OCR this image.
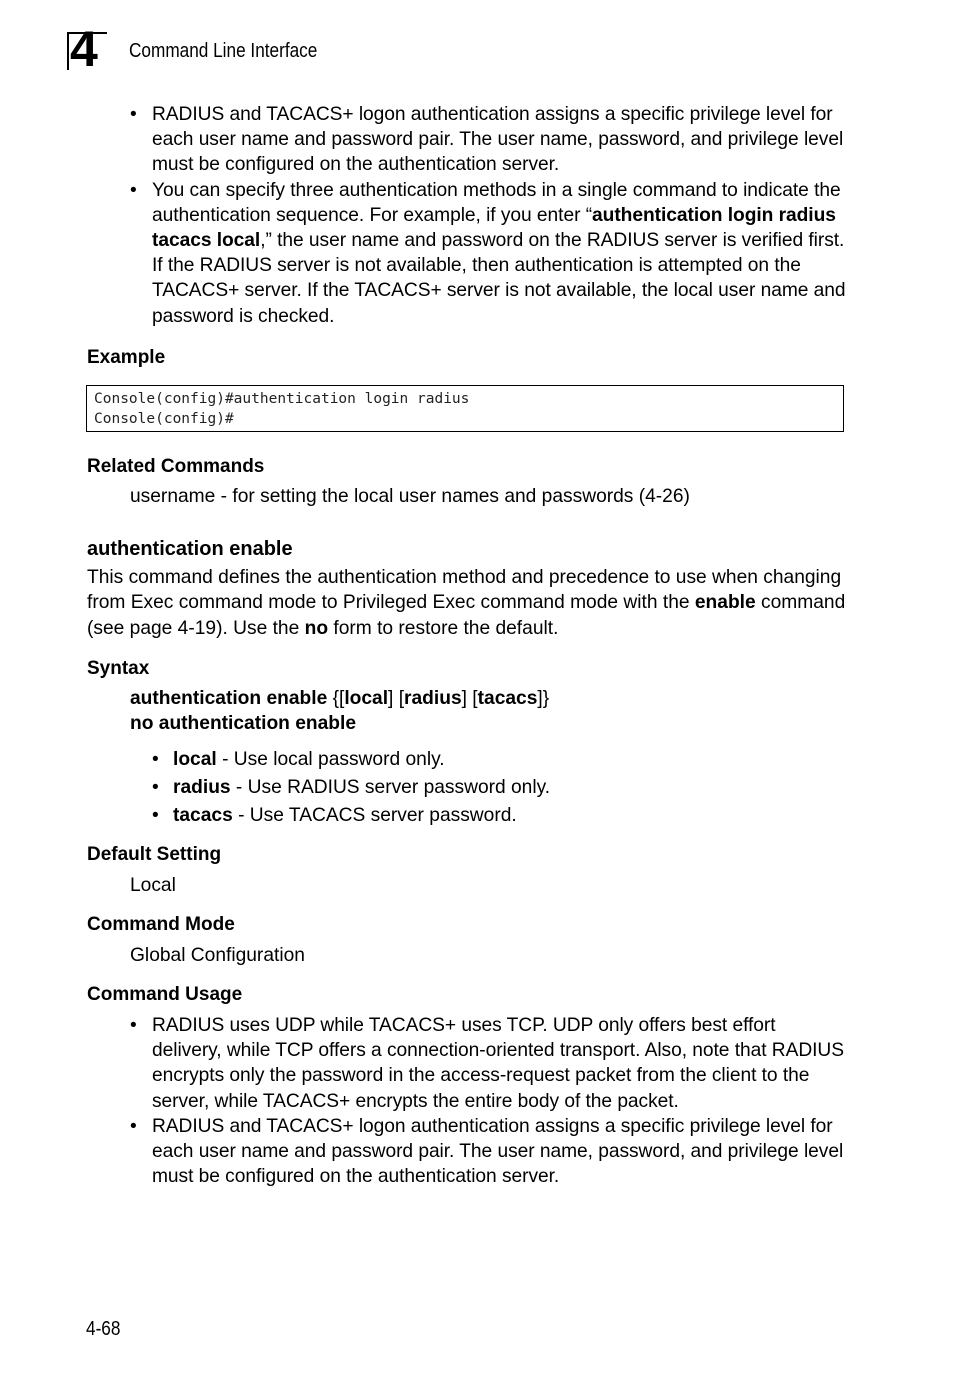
4 Command Line Interface
• RADIUS and TACACS+ logon authentication assigns a specific privilege level for each user name and password pair. The user name, password, and privilege level must be configured on the authentication server.
• You can specify three authentication methods in a single command to indicate the authentication sequence. For example, if you enter “authentication login radius tacacs local,” the user name and password on the RADIUS server is verified first. If the RADIUS server is not available, then authentication is attempted on the TACACS+ server. If the TACACS+ server is not available, the local user name and password is checked.
Example
Console(config)#authentication login radius
Console(config)#
Related Commands
username - for setting the local user names and passwords (4-26)
authentication enable
This command defines the authentication method and precedence to use when changing from Exec command mode to Privileged Exec command mode with the enable command (see page 4-19). Use the no form to restore the default.
Syntax
authentication enable {[local] [radius] [tacacs]}
no authentication enable
• local - Use local password only.
• radius - Use RADIUS server password only.
• tacacs - Use TACACS server password.
Default Setting
Local
Command Mode
Global Configuration
Command Usage
• RADIUS uses UDP while TACACS+ uses TCP. UDP only offers best effort delivery, while TCP offers a connection-oriented transport. Also, note that RADIUS encrypts only the password in the access-request packet from the client to the server, while TACACS+ encrypts the entire body of the packet.
• RADIUS and TACACS+ logon authentication assigns a specific privilege level for each user name and password pair. The user name, password, and privilege level must be configured on the authentication server.
4-68
